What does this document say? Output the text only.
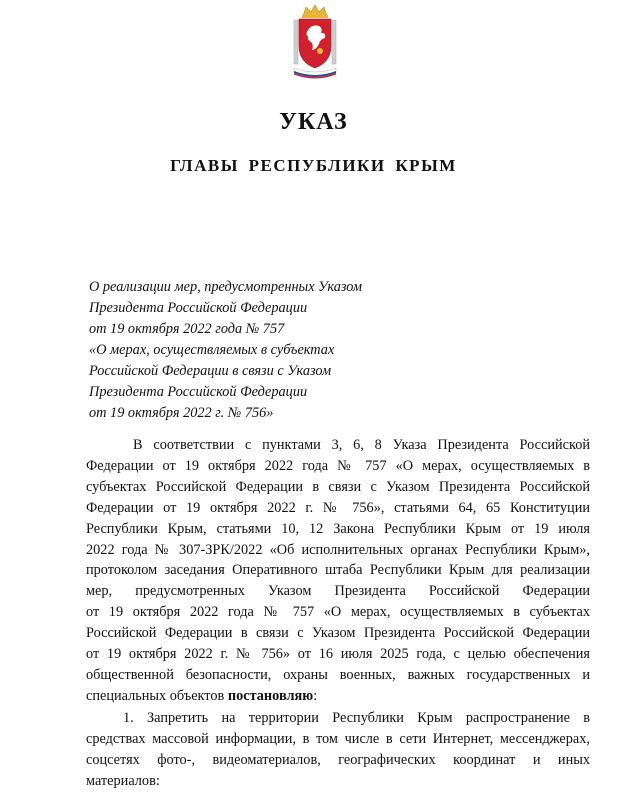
УКАЗ
ГЛАВЫ РЕСПУБЛИКИ КРЫМ
О реализации мер, предусмотренных Указом
Президента Российской Федерации
от 19 октября 2022 года № 757
«О мерах, осуществляемых в субъектах
Российской Федерации в связи с Указом
Президента Российской Федерации
от 19 октября 2022 г. № 756»
В соответствии с пунктами 3, 6, 8 Указа Президента Российской
Федерации от 19 октября 2022 года № 757 «О мерах, осуществляемых в
субъектах Российской Федерации в связи с Указом Президента Российской
Федерации от 19 октября 2022 г. № 756», статьями 64, 65 Конституции
Республики Крым, статьями 10, 12 Закона Республики Крым от 19 июля
2022 года № 307-ЗРК/2022 «Об исполнительных органах Республики Крым»,
протоколом заседания Оперативного штаба Республики Крым для реализации
мер, предусмотренных Указом Президента Российской Федерации
от 19 октября 2022 года № 757 «О мерах, осуществляемых в субъектах
Российской Федерации в связи с Указом Президента Российской Федерации
от 19 октября 2022 г. № 756» от 16 июля 2025 года, с целью обеспечения
общественной безопасности, охраны военных, важных государственных и
специальных объектов постановляю:
1. Запретить на территории Республики Крым распространение в
средствах массовой информации, в том числе в сети Интернет, мессенджерах,
соцсетях фото-, видеоматериалов, географических координат и иных
материалов:
